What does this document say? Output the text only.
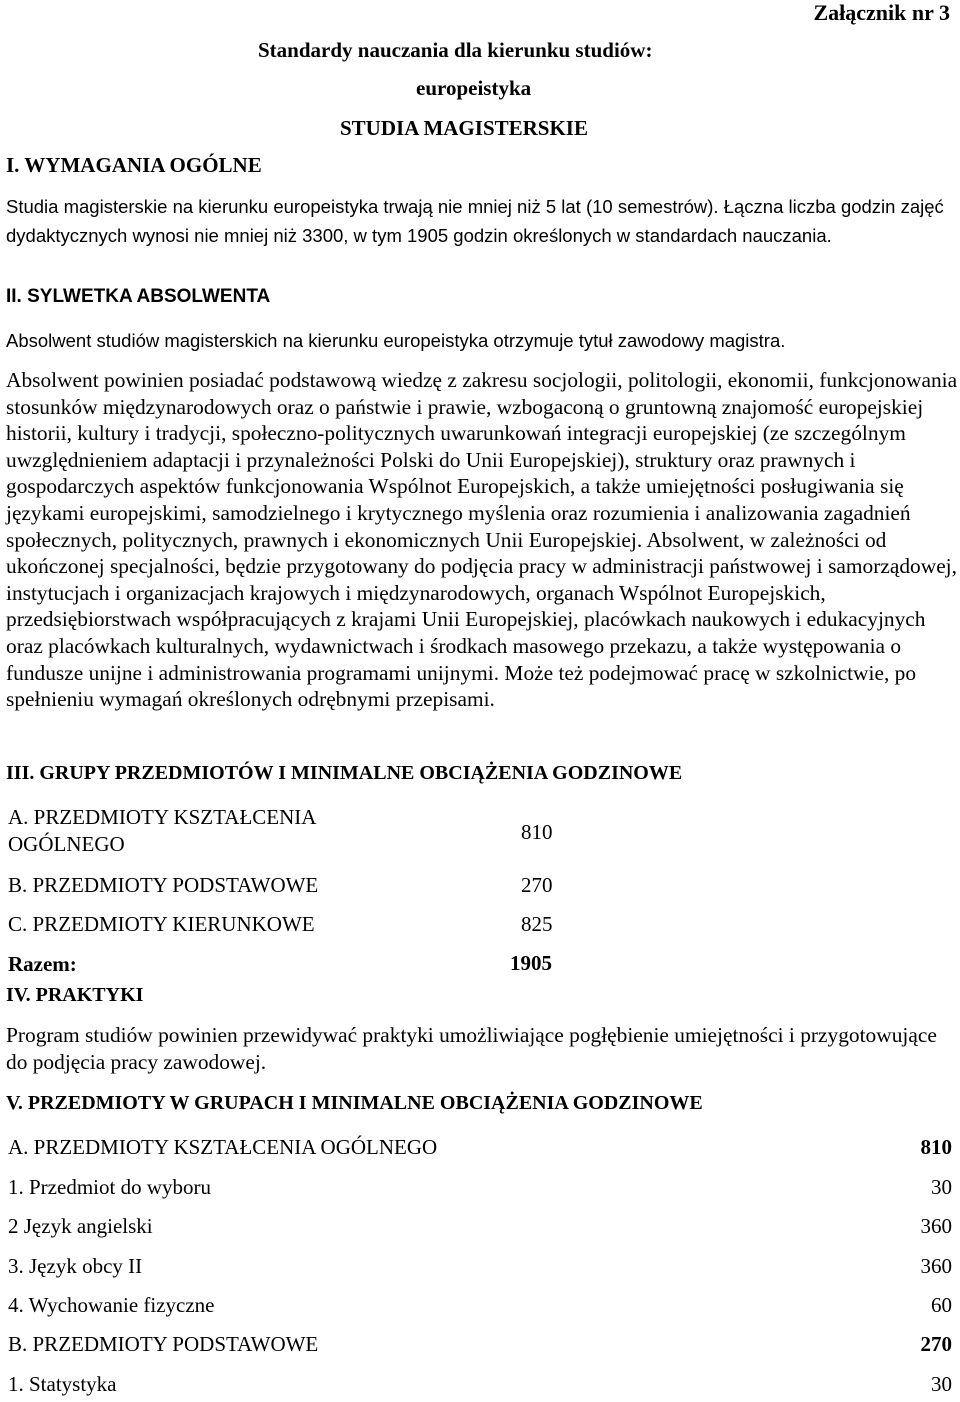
Załącznik nr 3
Standardy nauczania dla kierunku studiów:
europeistyka
STUDIA MAGISTERSKIE
I. WYMAGANIA OGÓLNE
Studia magisterskie na kierunku europeistyka trwają nie mniej niż 5 lat (10 semestrów). Łączna liczba godzin zajęć dydaktycznych wynosi nie mniej niż 3300, w tym 1905 godzin określonych w standardach nauczania.
II. SYLWETKA ABSOLWENTA
Absolwent studiów magisterskich na kierunku europeistyka otrzymuje tytuł zawodowy magistra.
Absolwent powinien posiadać podstawową wiedzę z zakresu socjologii, politologii, ekonomii, funkcjonowania stosunków międzynarodowych oraz o państwie i prawie, wzbogaconą o gruntowną znajomość europejskiej historii, kultury i tradycji, społeczno-politycznych uwarunkowań integracji europejskiej (ze szczególnym uwzględnieniem adaptacji i przynależności Polski do Unii Europejskiej), struktury oraz prawnych i gospodarczych aspektów funkcjonowania Wspólnot Europejskich, a także umiejętności posługiwania się językami europejskimi, samodzielnego i krytycznego myślenia oraz rozumienia i analizowania zagadnień społecznych, politycznych, prawnych i ekonomicznych Unii Europejskiej. Absolwent, w zależności od ukończonej specjalności, będzie przygotowany do podjęcia pracy w administracji państwowej i samorządowej, instytucjach i organizacjach krajowych i międzynarodowych, organach Wspólnot Europejskich, przedsiębiorstwach współpracujących z krajami Unii Europejskiej, placówkach naukowych i edukacyjnych oraz placówkach kulturalnych, wydawnictwach i środkach masowego przekazu, a także występowania o fundusze unijne i administrowania programami unijnymi. Może też podejmować pracę w szkolnictwie, po spełnieniu wymagań określonych odrębnymi przepisami.
III. GRUPY PRZEDMIOTÓW I MINIMALNE OBCIĄŻENIA GODZINOWE
A. PRZEDMIOTY KSZTAŁCENIA
OGÓLNEGO	810
B. PRZEDMIOTY PODSTAWOWE	270
C. PRZEDMIOTY KIERUNKOWE	825
Razem:	1905
IV. PRAKTYKI
Program studiów powinien przewidywać praktyki umożliwiające pogłębienie umiejętności i przygotowujące do podjęcia pracy zawodowej.
V. PRZEDMIOTY W GRUPACH I MINIMALNE OBCIĄŻENIA GODZINOWE
A. PRZEDMIOTY KSZTAŁCENIA OGÓLNEGO	810
1. Przedmiot do wyboru	30
2 Język angielski	360
3. Język obcy II	360
4. Wychowanie fizyczne	60
B. PRZEDMIOTY PODSTAWOWE	270
1. Statystyka	30
